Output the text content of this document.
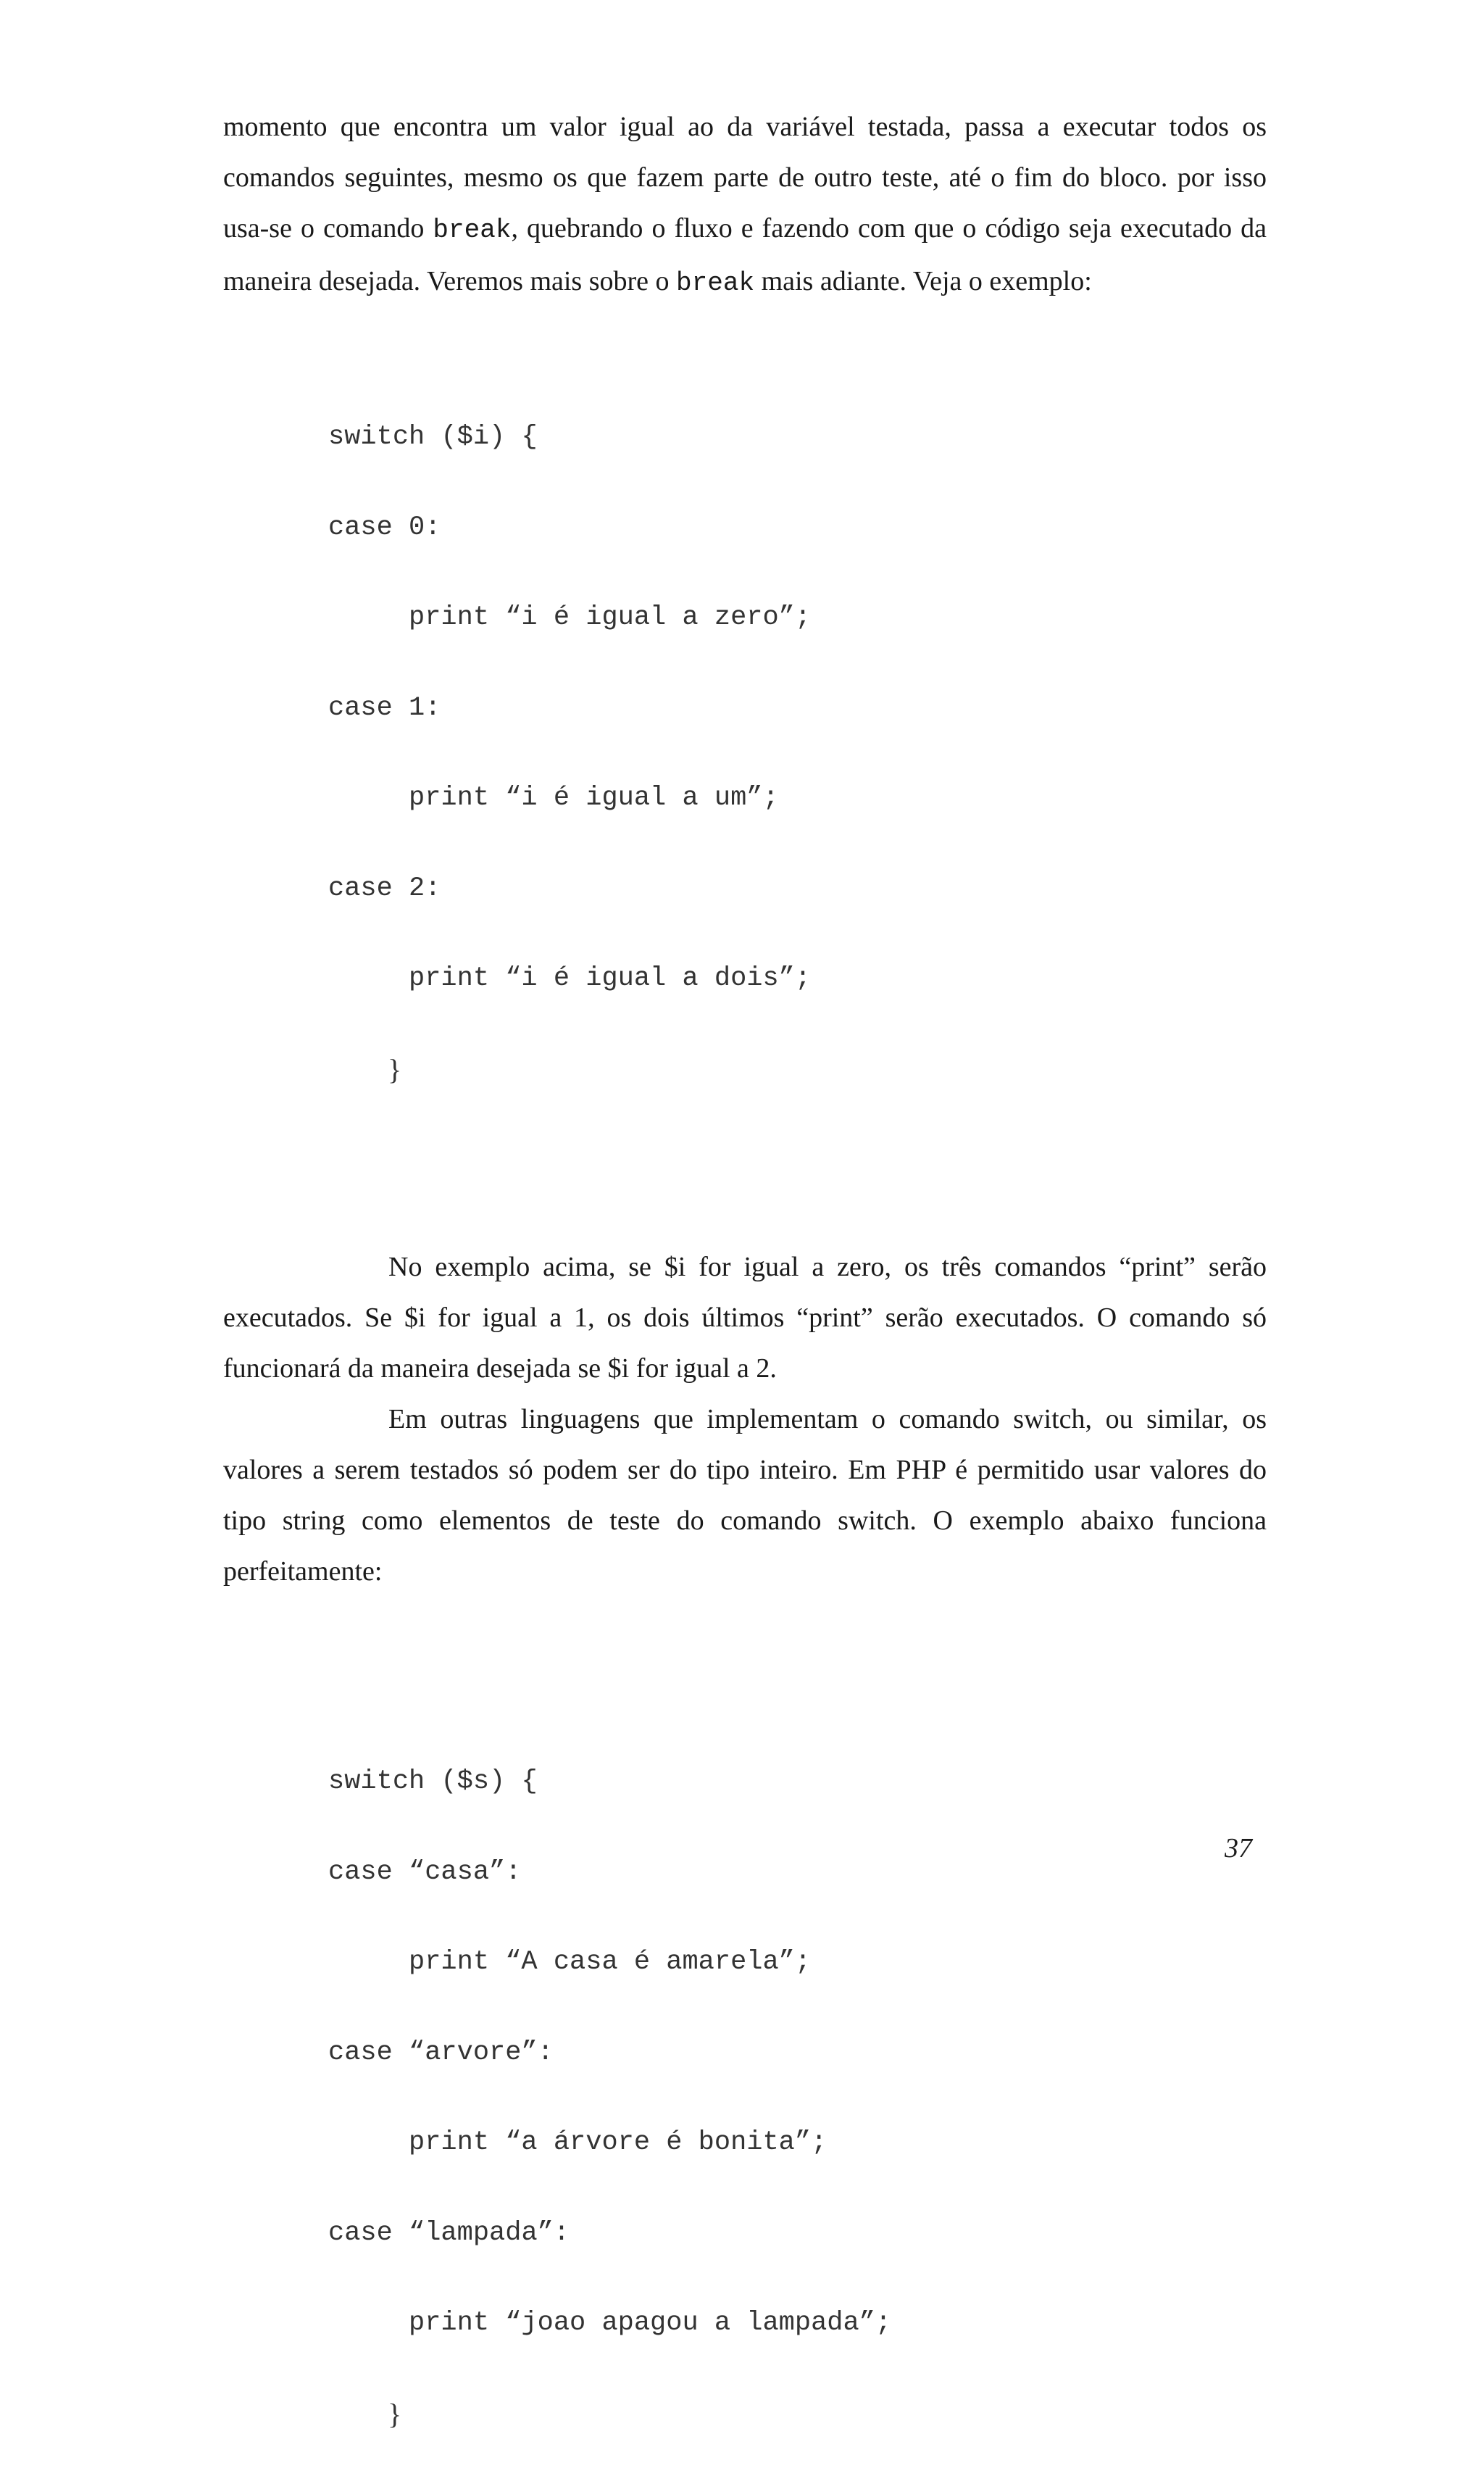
momento que encontra um valor igual ao da variável testada, passa a executar todos os comandos seguintes, mesmo os que fazem parte de outro teste, até o fim do bloco. por isso usa-se o comando break, quebrando o fluxo e fazendo com que o código seja executado da maneira desejada. Veremos mais sobre o break mais adiante. Veja o exemplo:

switch ($i) {

case 0:

print “i é igual a zero”;

case 1:

print “i é igual a um”;

case 2:

print “i é igual a dois”;

}

No exemplo acima, se $i for igual a zero, os três comandos “print” serão executados. Se $i for igual a 1, os dois últimos “print” serão executados. O comando só funcionará da maneira desejada se $i for igual a 2.

Em outras linguagens que implementam o comando switch, ou similar, os valores a serem testados só podem ser do tipo inteiro. Em PHP é permitido usar valores do tipo string como elementos de teste do comando switch. O exemplo abaixo funciona perfeitamente:

switch ($s) {

case “casa”:

print “A casa é amarela”;

case “arvore”:

print “a árvore é bonita”;

case “lampada”:

print “joao apagou a lampada”;

}

37
